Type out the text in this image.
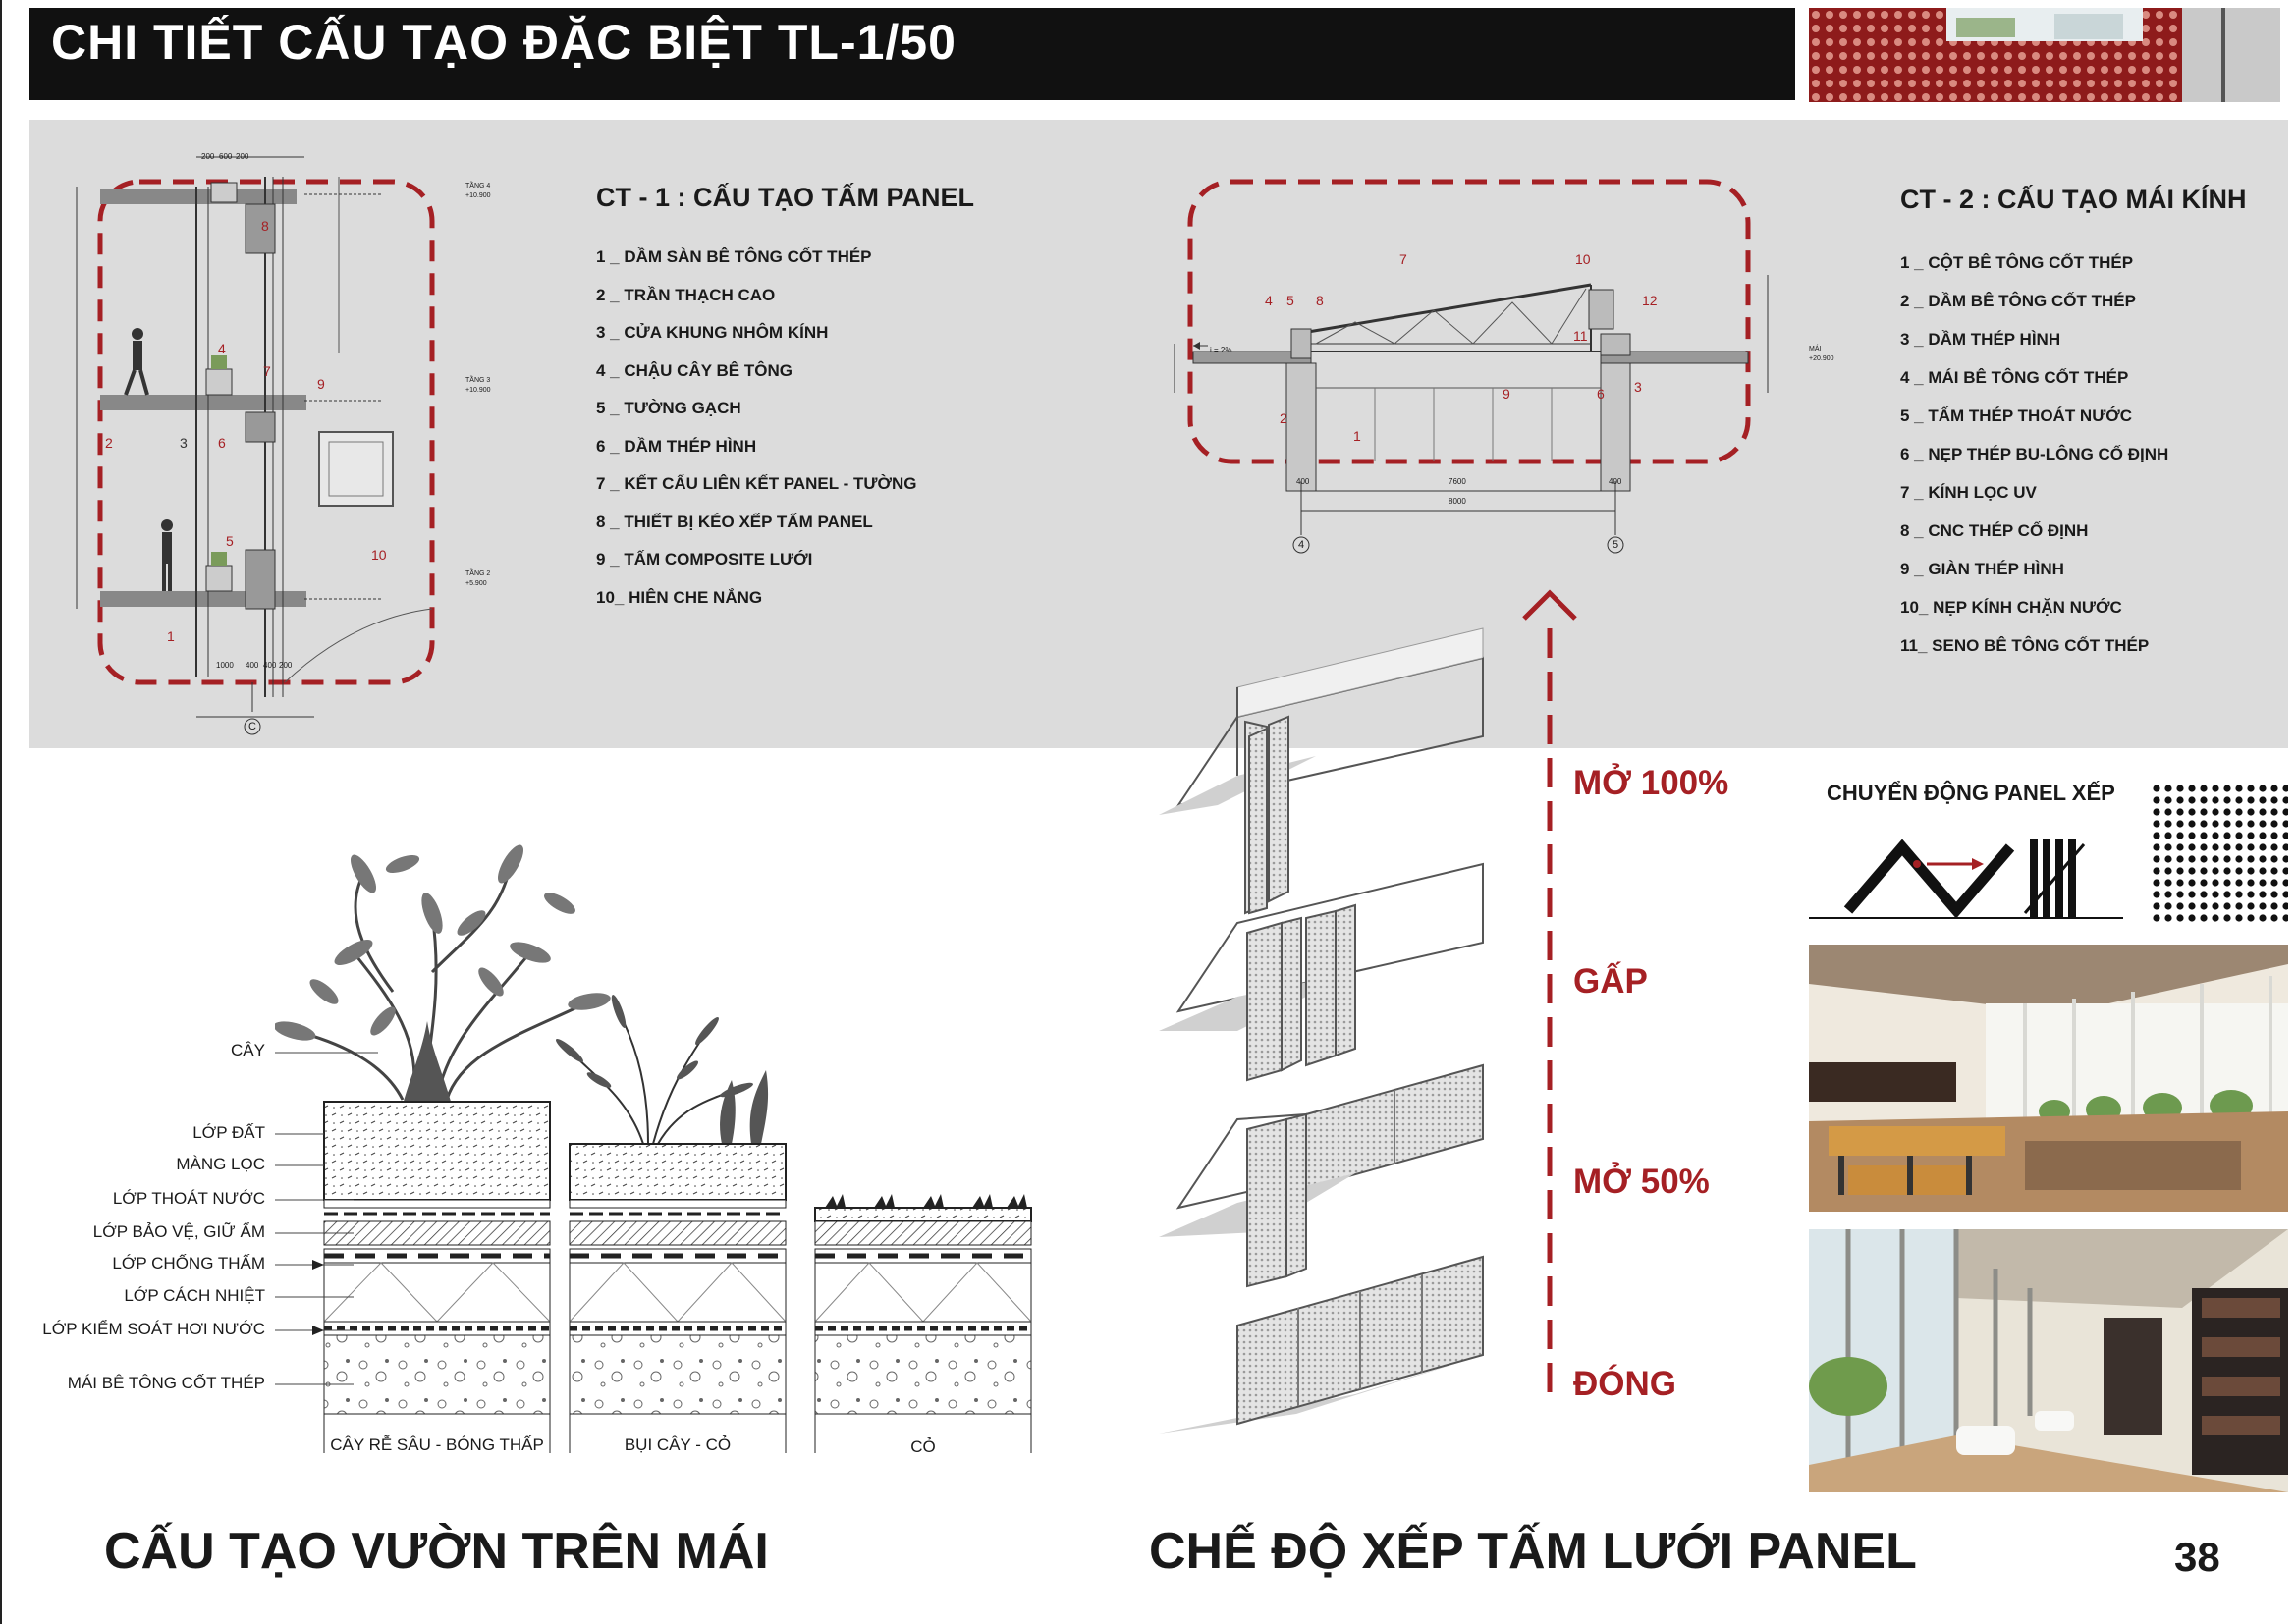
CHI TIẾT CẤU TẠO ĐẶC BIỆT TL-1/50
1
2	3
4
5
6
7
8
9
10
200 600 200
1000 400 400 200
TẦNG 4
+10.900
TẦNG 3
+10.900
TẦNG 2
+5.900
C
CT - 1 : CẤU TẠO TẤM PANEL
1 _ DẦM SÀN BÊ TÔNG CỐT THÉP
2 _ TRẦN THẠCH CAO
3 _ CỬA KHUNG NHÔM KÍNH
4 _ CHẬU CÂY BÊ TÔNG
5 _ TƯỜNG GẠCH
6 _ DẦM THÉP HÌNH
7 _ KẾT CẤU LIÊN KẾT PANEL - TƯỜNG
8 _ THIẾT BỊ KÉO XẾP TẤM PANEL
9 _ TẤM COMPOSITE LƯỚI
10_ HIÊN CHE NẮNG
1
2
3
4 5
6
7
8
9
10
11
12
i = 2%
400	7600	400
8000
4	5
MÁI
+20.900
CT - 2 : CẤU TẠO MÁI KÍNH
1 _ CỘT BÊ TÔNG CỐT THÉP
2 _ DẦM BÊ TÔNG CỐT THÉP
3 _ DẦM THÉP HÌNH
4 _ MÁI BÊ TÔNG CỐT THÉP
5 _ TẤM THÉP THOÁT NƯỚC
6 _ NẸP THÉP BU-LÔNG CỐ ĐỊNH
7 _ KÍNH LỌC UV
8 _ CNC THÉP CỐ ĐỊNH
9 _ GIÀN THÉP HÌNH
10_ NẸP KÍNH CHẶN NƯỚC
11_ SENO BÊ TÔNG CỐT THÉP
CÂY
LỚP ĐẤT
MÀNG LỌC
LỚP THOÁT NƯỚC
LỚP BẢO VỆ, GIỮ ẨM
LỚP CHỐNG THẤM
LỚP CÁCH NHIỆT
LỚP KIỂM SOÁT HƠI NƯỚC
MÁI BÊ TÔNG CỐT THÉP
CÂY RỄ SÂU - BÓNG THẤP	BỤI CÂY - CỎ	CỎ
CẤU TẠO VƯỜN TRÊN MÁI
MỞ 100%
GẤP
MỞ 50%
ĐÓNG
CHẾ ĐỘ XẾP TẤM LƯỚI PANEL
CHUYỂN ĐỘNG PANEL XẾP
38
